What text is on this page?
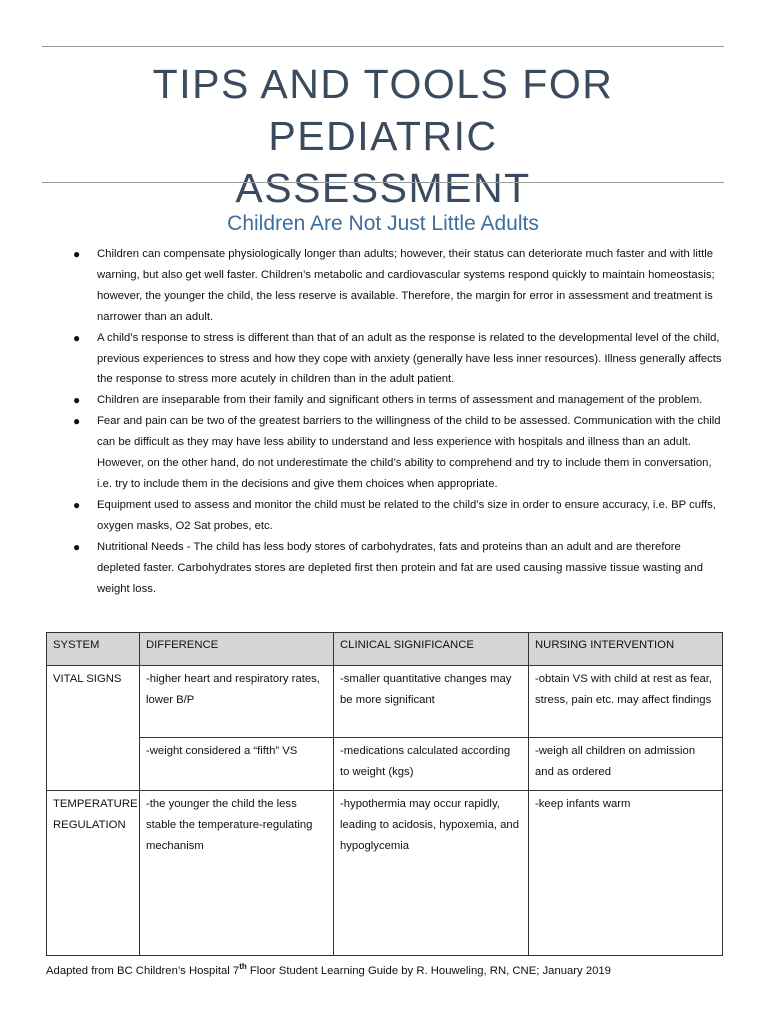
TIPS AND TOOLS FOR PEDIATRIC
ASSESSMENT
Children Are Not Just Little Adults
● Children can compensate physiologically longer than adults; however, their status can deteriorate much faster and with little warning, but also get well faster. Children’s metabolic and cardiovascular systems respond quickly to maintain homeostasis; however, the younger the child, the less reserve is available. Therefore, the margin for error in assessment and treatment is narrower than an adult.
● A child’s response to stress is different than that of an adult as the response is related to the developmental level of the child, previous experiences to stress and how they cope with anxiety (generally have less inner resources). Illness generally affects the response to stress more acutely in children than in the adult patient.
● Children are inseparable from their family and significant others in terms of assessment and management of the problem.
● Fear and pain can be two of the greatest barriers to the willingness of the child to be assessed. Communication with the child can be difficult as they may have less ability to understand and less experience with hospitals and illness than an adult. However, on the other hand, do not underestimate the child’s ability to comprehend and try to include them in conversation, i.e. try to include them in the decisions and give them choices when appropriate.
● Equipment used to assess and monitor the child must be related to the child’s size in order to ensure accuracy, i.e. BP cuffs, oxygen masks, O2 Sat probes, etc.
● Nutritional Needs - The child has less body stores of carbohydrates, fats and proteins than an adult and are therefore depleted faster. Carbohydrates stores are depleted first then protein and fat are used causing massive tissue wasting and weight loss.
SYSTEM	DIFFERENCE	CLINICAL SIGNIFICANCE	NURSING INTERVENTION
VITAL SIGNS	-higher heart and respiratory rates, lower B/P	-smaller quantitative changes may be more significant	-obtain VS with child at rest as fear, stress, pain etc. may affect findings
	-weight considered a “fifth” VS	-medications calculated according to weight (kgs)	-weigh all children on admission and as ordered
TEMPERATURE REGULATION	-the younger the child the less stable the temperature-regulating mechanism	-hypothermia may occur rapidly, leading to acidosis, hypoxemia, and hypoglycemia	-keep infants warm
Adapted from BC Children’s Hospital 7th Floor Student Learning Guide by R. Houweling, RN, CNE; January 2019
